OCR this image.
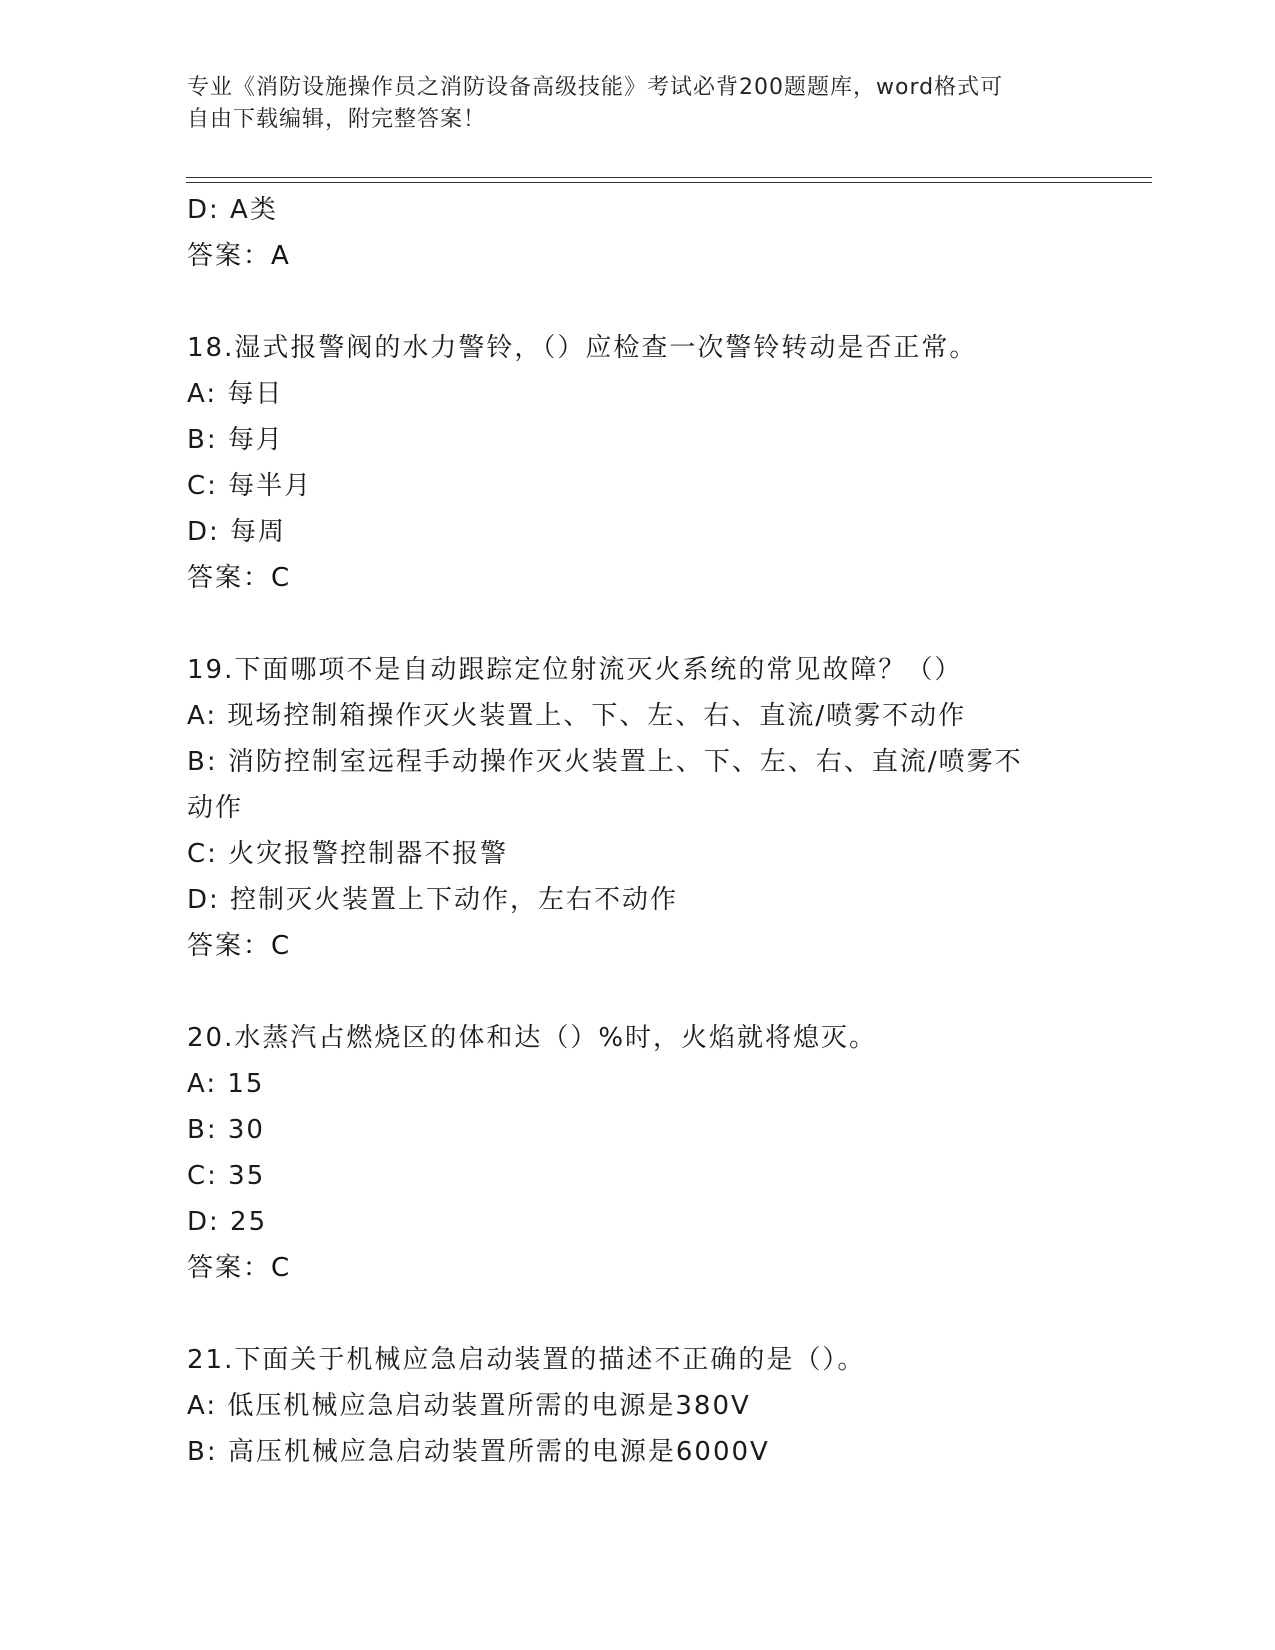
专业《消防设施操作员之消防设备高级技能》考试必背200题题库，word格式可
自由下载编辑，附完整答案！
D: A类
答案：A
18.湿式报警阀的水力警铃，（）应检查一次警铃转动是否正常。
A: 每日
B: 每月
C: 每半月
D: 每周
答案：C
19.下面哪项不是自动跟踪定位射流灭火系统的常见故障？（）
A: 现场控制箱操作灭火装置上、下、左、右、直流/喷雾不动作
B: 消防控制室远程手动操作灭火装置上、下、左、右、直流/喷雾不
动作
C: 火灾报警控制器不报警
D: 控制灭火装置上下动作，左右不动作
答案：C
20.水蒸汽占燃烧区的体和达（）%时，火焰就将熄灭。
A: 15
B: 30
C: 35
D: 25
答案：C
21.下面关于机械应急启动装置的描述不正确的是（）。
A: 低压机械应急启动装置所需的电源是380V
B: 高压机械应急启动装置所需的电源是6000V
